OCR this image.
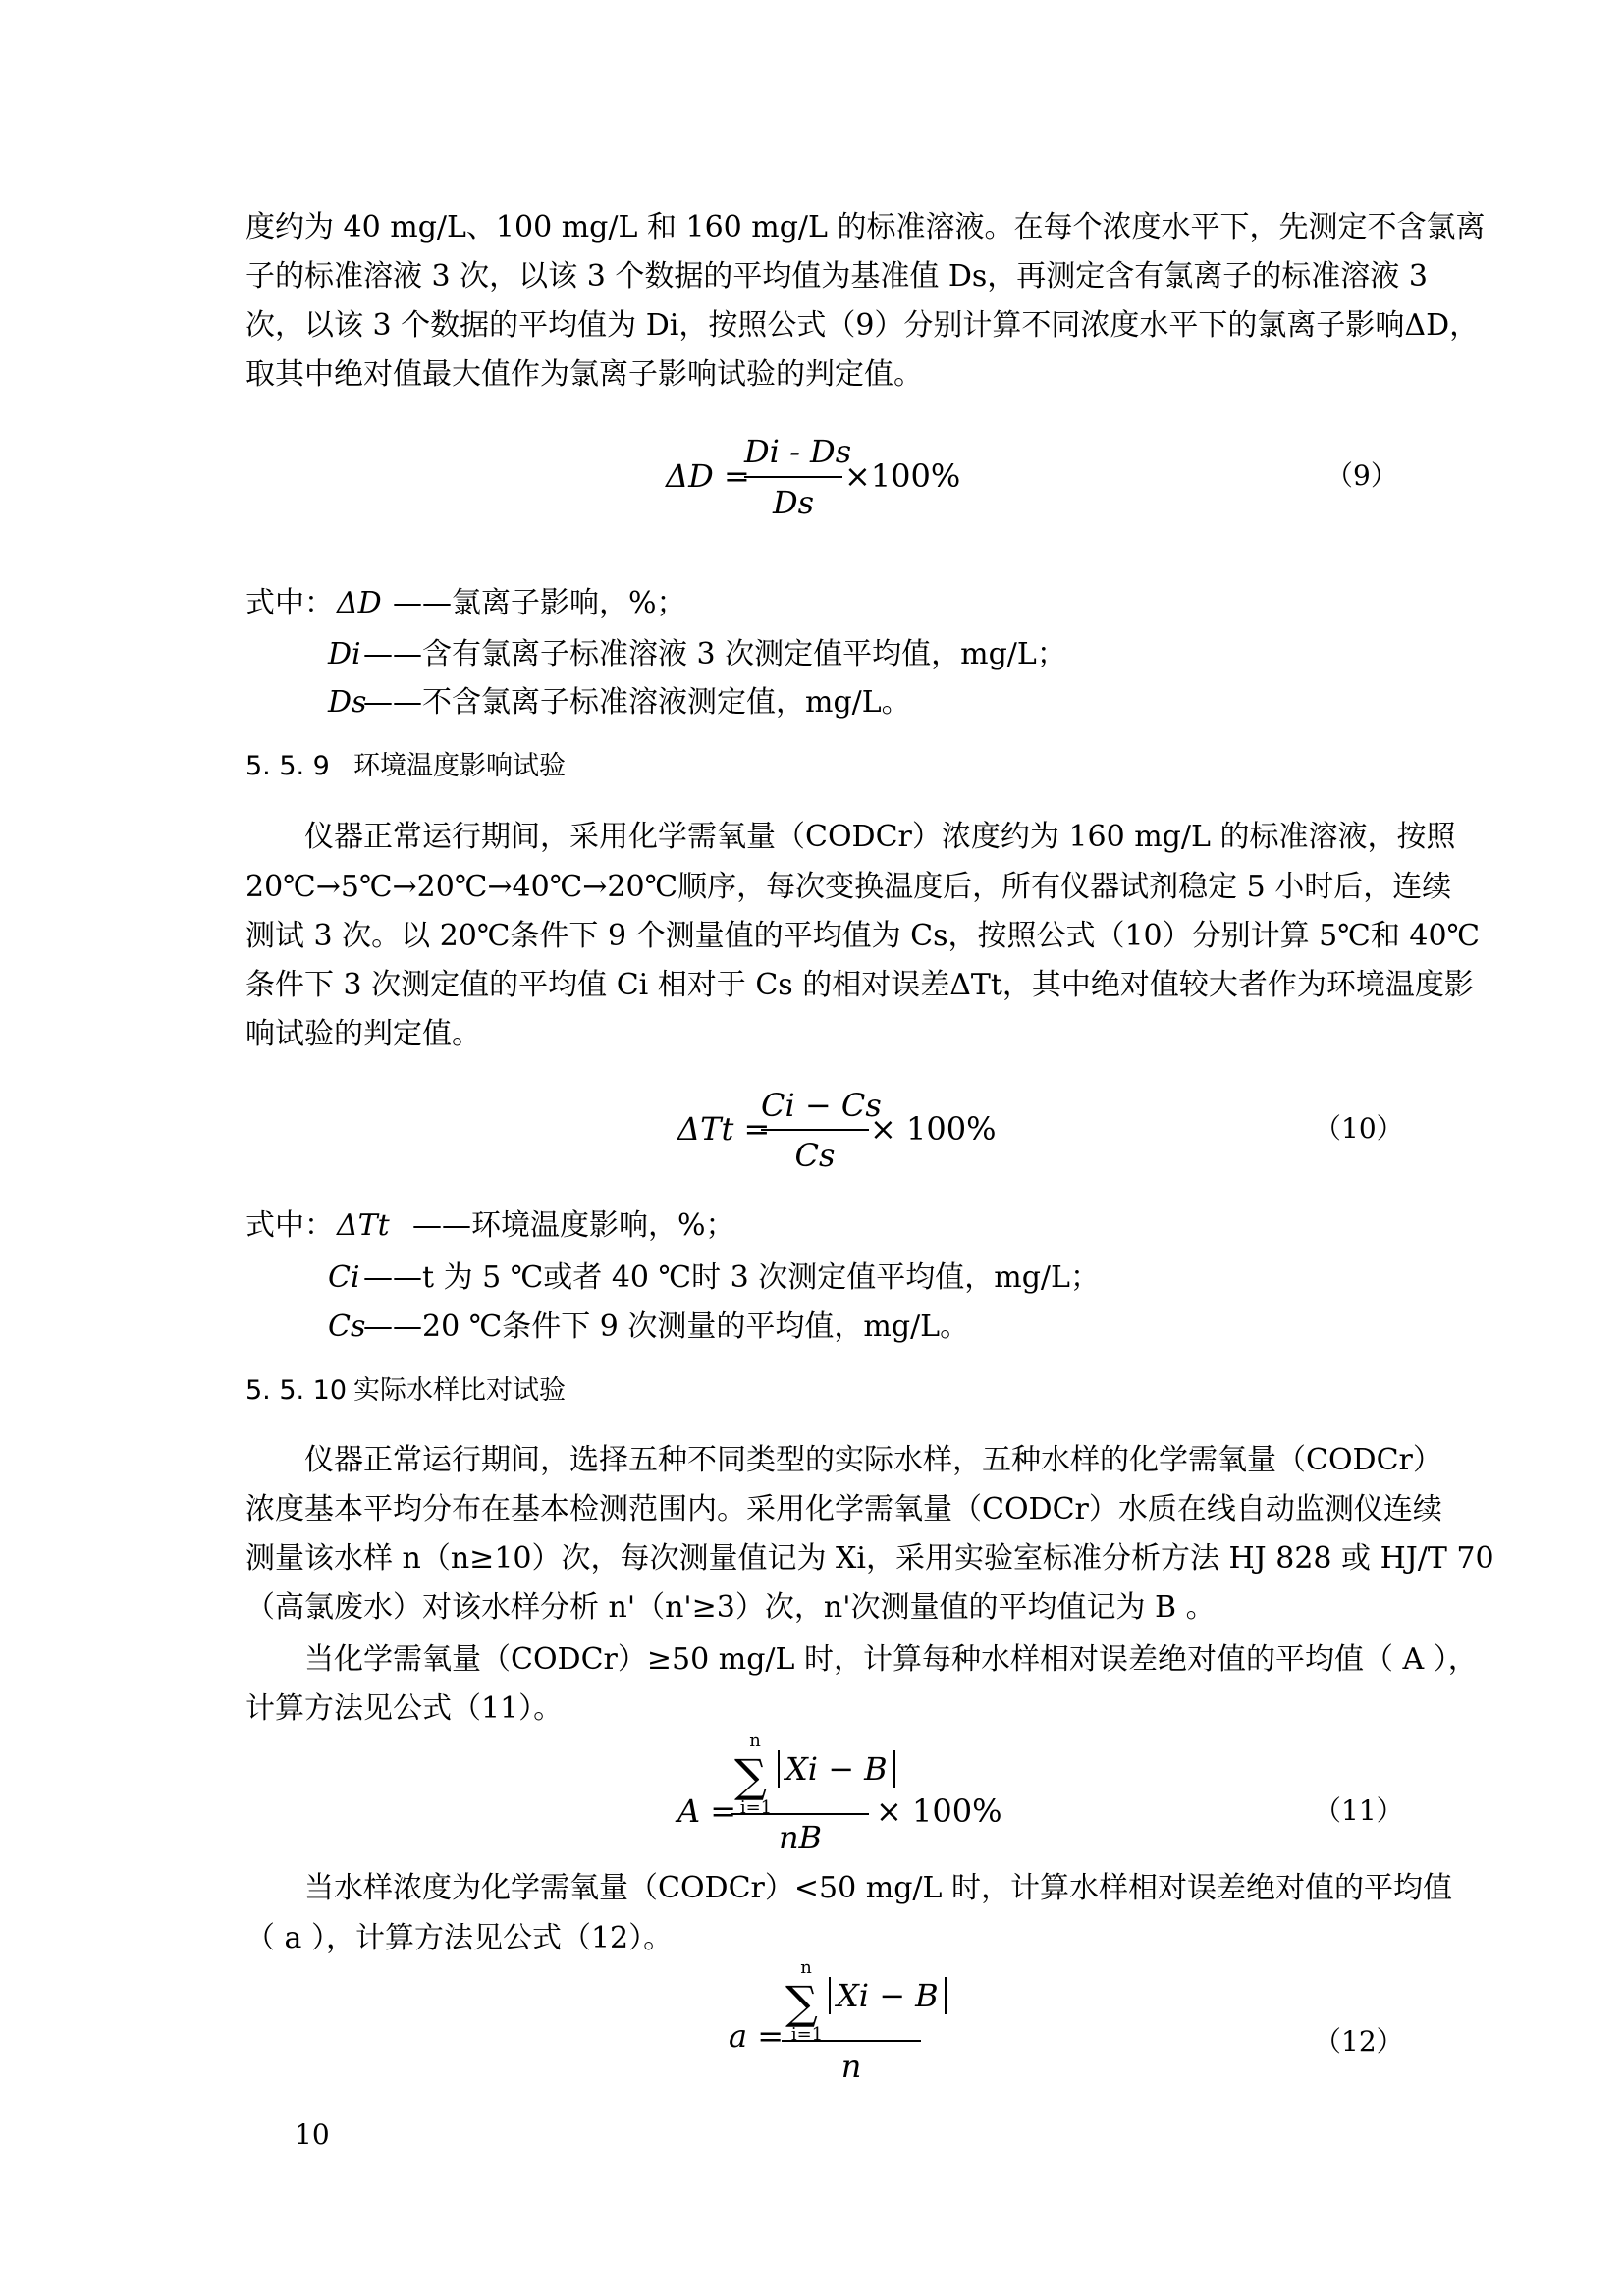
度约为 40 mg/L、100 mg/L 和 160 mg/L 的标准溶液。在每个浓度水平下，先测定不含氯离
子的标准溶液 3 次，以该 3 个数据的平均值为基准值 Ds，再测定含有氯离子的标准溶液 3
次，以该 3 个数据的平均值为 Di，按照公式（9）分别计算不同浓度水平下的氯离子影响ΔD，
取其中绝对值最大值作为氯离子影响试验的判定值。
ΔD =
Di - Ds
Ds
×100%	（9）
式中： ΔD ——氯离子影响，%；
Di ——含有氯离子标准溶液 3 次测定值平均值，mg/L；
Ds
——不含氯离子标准溶液测定值，mg/L。
5. 5. 9 环境温度影响试验
仪器正常运行期间，采用化学需氧量（CODCr）浓度约为 160 mg/L 的标准溶液，按照
20℃→5℃→20℃→40℃→20℃顺序，每次变换温度后，所有仪器试剂稳定 5 小时后，连续
测试 3 次。以 20℃条件下 9 个测量值的平均值为 Cs，按照公式（10）分别计算 5℃和 40℃
条件下 3 次测定值的平均值 Ci 相对于 Cs 的相对误差ΔTt，其中绝对值较大者作为环境温度影
响试验的判定值。
ΔTt =
Ci − Cs
Cs
× 100%	（10）
式中： ΔTt ——环境温度影响，%；
Ci ——t 为 5 ℃或者 40 ℃时 3 次测定值平均值，mg/L；
Cs
——20 ℃条件下 9 次测量的平均值，mg/L。
5. 5. 10 实际水样比对试验
仪器正常运行期间，选择五种不同类型的实际水样，五种水样的化学需氧量（CODCr）
浓度基本平均分布在基本检测范围内。采用化学需氧量（CODCr）水质在线自动监测仪连续
测量该水样 n（n≥10）次，每次测量值记为 Xi，采用实验室标准分析方法 HJ 828 或 HJ/T 70
（高氯废水）对该水样分析 n'（n'≥3）次，n'次测量值的平均值记为 B 。
当化学需氧量（CODCr）≥50 mg/L 时，计算每种水样相对误差绝对值的平均值（ A ），
计算方法见公式（11）。
A =
n
∑
i=1
Xi − B
nB
× 100%	（11）
当水样浓度为化学需氧量（CODCr）<50 mg/L 时，计算水样相对误差绝对值的平均值
（ a ），计算方法见公式（12）。
a =
n
∑
i=1
Xi − B
n
（12）
10
